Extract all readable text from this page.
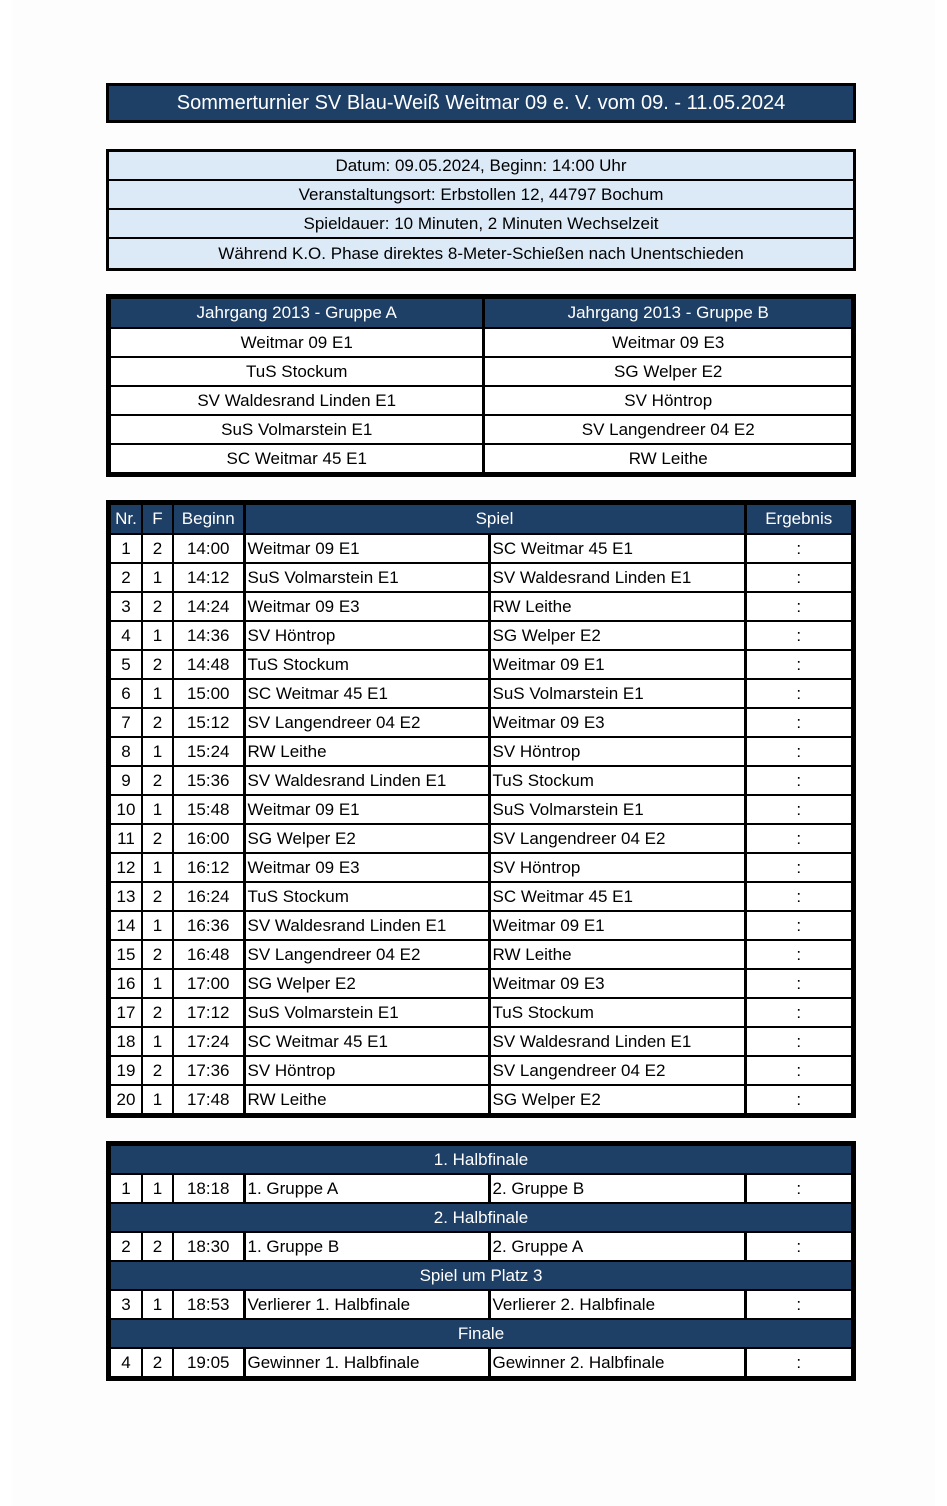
Sommerturnier SV Blau-Weiß Weitmar 09 e. V. vom 09. - 11.05.2024
Datum: 09.05.2024, Beginn: 14:00 Uhr
Veranstaltungsort: Erbstollen 12, 44797 Bochum
Spieldauer: 10 Minuten, 2 Minuten Wechselzeit
Während K.O. Phase direktes 8-Meter-Schießen nach Unentschieden
Jahrgang 2013 - Gruppe A	Jahrgang 2013 - Gruppe B
Weitmar 09 E1	Weitmar 09 E3
TuS Stockum	SG Welper E2
SV Waldesrand Linden E1	SV Höntrop
SuS Volmarstein E1	SV Langendreer 04 E2
SC Weitmar 45 E1	RW Leithe
Nr.	F	Beginn	Spiel		Ergebnis
1	2	14:00	Weitmar 09 E1	SC Weitmar 45 E1	:
2	1	14:12	SuS Volmarstein E1	SV Waldesrand Linden E1	:
3	2	14:24	Weitmar 09 E3	RW Leithe	:
4	1	14:36	SV Höntrop	SG Welper E2	:
5	2	14:48	TuS Stockum	Weitmar 09 E1	:
6	1	15:00	SC Weitmar 45 E1	SuS Volmarstein E1	:
7	2	15:12	SV Langendreer 04 E2	Weitmar 09 E3	:
8	1	15:24	RW Leithe	SV Höntrop	:
9	2	15:36	SV Waldesrand Linden E1	TuS Stockum	:
10	1	15:48	Weitmar 09 E1	SuS Volmarstein E1	:
11	2	16:00	SG Welper E2	SV Langendreer 04 E2	:
12	1	16:12	Weitmar 09 E3	SV Höntrop	:
13	2	16:24	TuS Stockum	SC Weitmar 45 E1	:
14	1	16:36	SV Waldesrand Linden E1	Weitmar 09 E1	:
15	2	16:48	SV Langendreer 04 E2	RW Leithe	:
16	1	17:00	SG Welper E2	Weitmar 09 E3	:
17	2	17:12	SuS Volmarstein E1	TuS Stockum	:
18	1	17:24	SC Weitmar 45 E1	SV Waldesrand Linden E1	:
19	2	17:36	SV Höntrop	SV Langendreer 04 E2	:
20	1	17:48	RW Leithe	SG Welper E2	:
1. Halbfinale					
1	1	18:18	1. Gruppe A	2. Gruppe B	:
2. Halbfinale					
2	2	18:30	1. Gruppe B	2. Gruppe A	:
Spiel um Platz 3					
3	1	18:53	Verlierer 1. Halbfinale	Verlierer 2. Halbfinale	:
Finale					
4	2	19:05	Gewinner 1. Halbfinale	Gewinner 2. Halbfinale	:
